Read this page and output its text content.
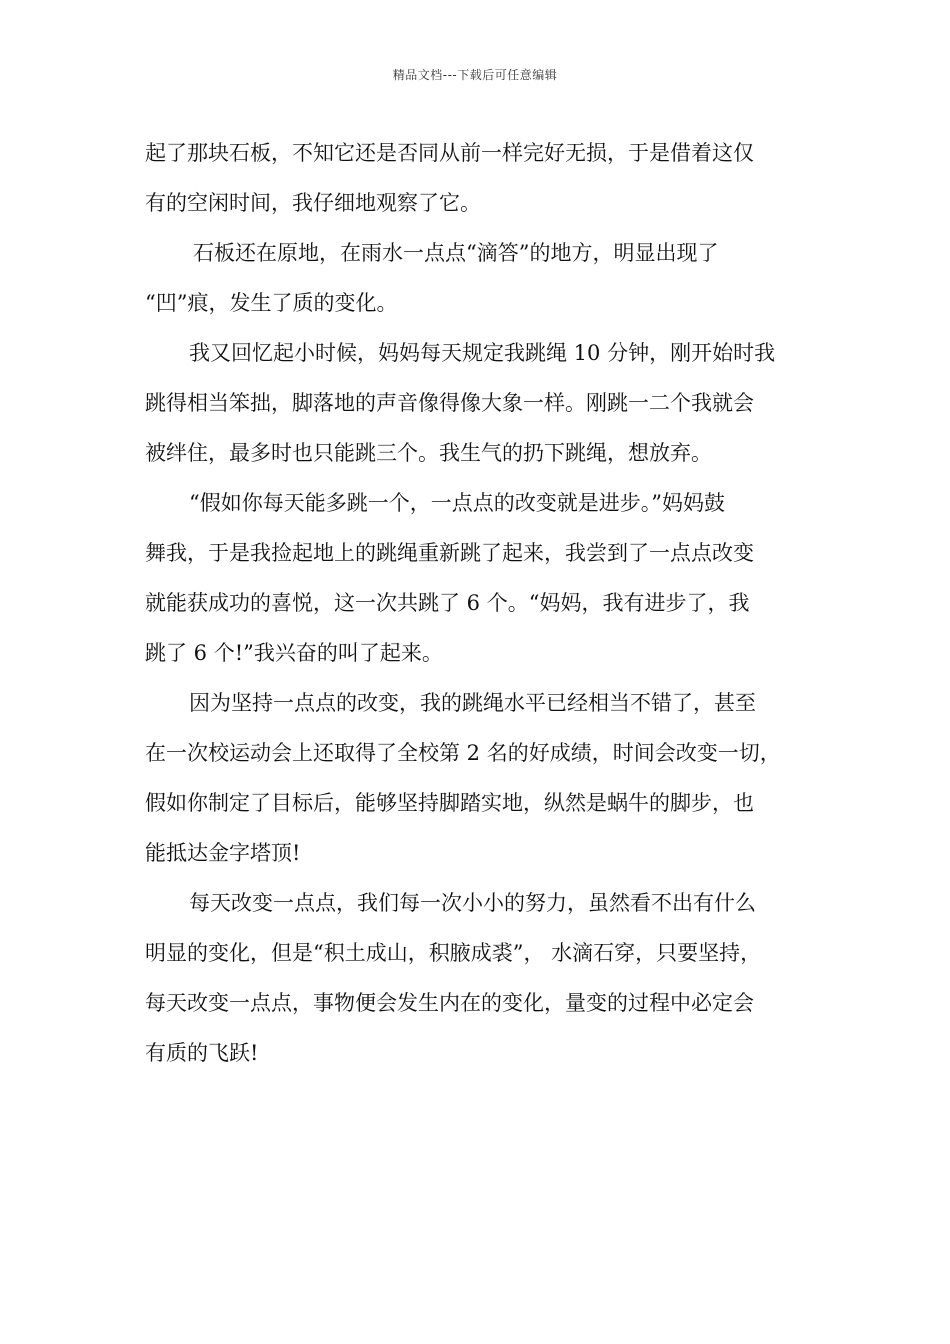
精品文档---下载后可任意编辑
起了那块石板，不知它还是否同从前一样完好无损，于是借着这仅
有的空闲时间，我仔细地观察了它。
石板还在原地，在雨水一点点“滴答”的地方，明显出现了
“凹”痕，发生了质的变化。
我又回忆起小时候，妈妈每天规定我跳绳 10 分钟，刚开始时我
跳得相当笨拙，脚落地的声音像得像大象一样。刚跳一二个我就会
被绊住，最多时也只能跳三个。我生气的扔下跳绳，想放弃。
“假如你每天能多跳一个，一点点的改变就是进步。”妈妈鼓
舞我，于是我捡起地上的跳绳重新跳了起来，我尝到了一点点改变
就能获成功的喜悦，这一次共跳了 6 个。“妈妈，我有进步了，我
跳了 6 个!”我兴奋的叫了起来。
因为坚持一点点的改变，我的跳绳水平已经相当不错了，甚至
在一次校运动会上还取得了全校第 2 名的好成绩，时间会改变一切，
假如你制定了目标后，能够坚持脚踏实地，纵然是蜗牛的脚步，也
能抵达金字塔顶!
每天改变一点点，我们每一次小小的努力，虽然看不出有什么
明显的变化，但是“积土成山，积腋成裘”， 水滴石穿，只要坚持，
每天改变一点点，事物便会发生内在的变化，量变的过程中必定会
有质的飞跃!
